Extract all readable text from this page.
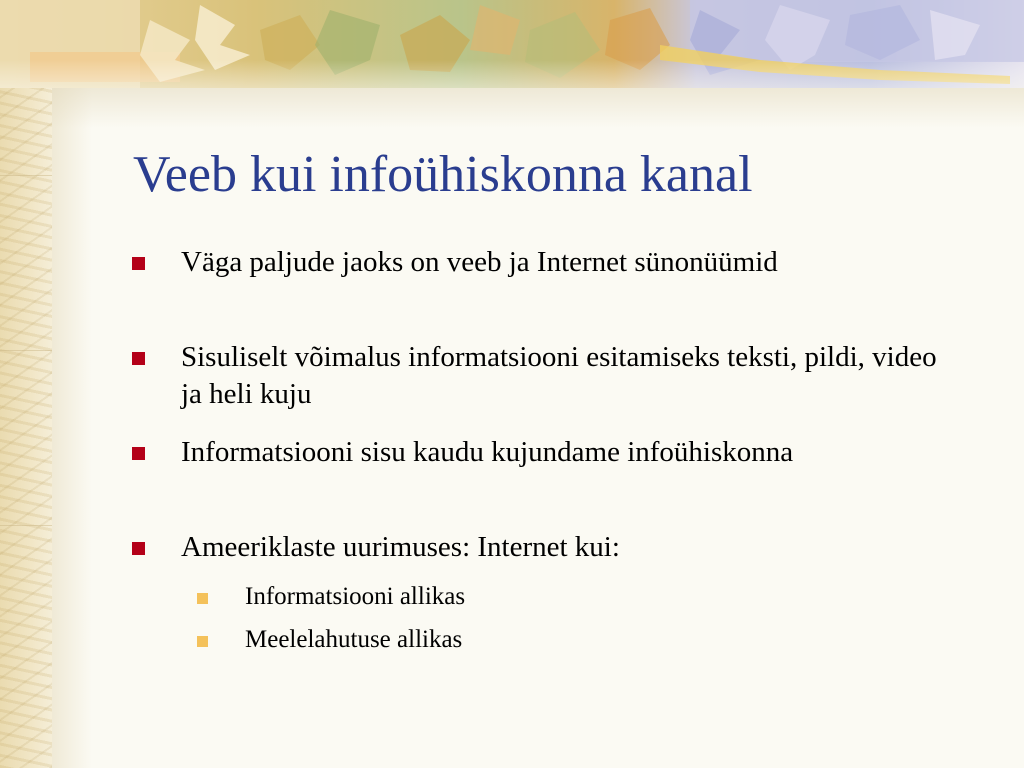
Veeb kui infoühiskonna kanal
Väga paljude jaoks on veeb ja Internet sünonüümid
Sisuliselt võimalus informatsiooni esitamiseks teksti, pildi, video ja heli kuju
Informatsiooni sisu kaudu kujundame infoühiskonna
Ameeriklaste uurimuses: Internet kui:
Informatsiooni allikas
Meelelahutuse allikas
